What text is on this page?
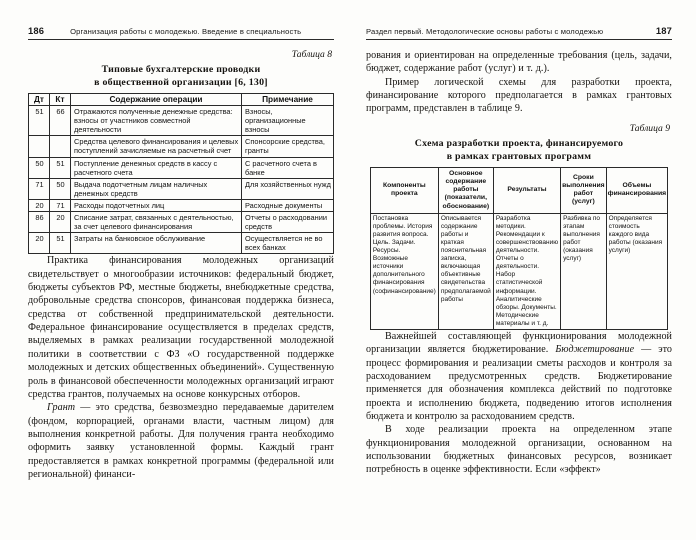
186	Организация работы с молодежью. Введение в специальность
Таблица 8
Типовые бухгалтерские проводки
в общественной организации [6, 130]
Дт	Кт	Содержание операции	Примечание
51	66	Отражаются полученные денежные средства: взносы от участников совместной деятельности	Взносы, организационные взносы
		Средства целевого финансирования и целевых поступлений зачисляемые на расчетный счет	Спонсорские средства, гранты
50	51	Поступление денежных средств в кассу с расчетного счета	С расчетного счета в банке
71	50	Выдача подотчетным лицам наличных денежных средств	Для хозяйственных нужд
20	71	Расходы подотчетных лиц	Расходные документы
86	20	Списание затрат, связанных с деятельностью, за счет целевого финансирования	Отчеты о расходовании средств
20	51	Затраты на банковское обслуживание	Осуществляется не во всех банках

Практика финансирования молодежных организаций свидетельствует о многообразии источников: федеральный бюджет, бюджеты субъектов РФ, местные бюджеты, внебюджетные средства, добровольные средства спонсоров, финансовая поддержка бизнеса, средства от собственной предпринимательской деятельности. Федеральное финансирование осуществляется в пределах средств, выделяемых в рамках реализации государственной молодежной политики в соответствии с ФЗ «О государственной поддержке молодежных и детских общественных объединений». Существенную роль в финансовой обеспеченности молодежных организаций играют средства грантов, получаемых на основе конкурсных отборов.

Грант — это средства, безвозмездно передаваемые дарителем (фондом, корпорацией, органами власти, частным лицом) для выполнения конкретной работы. Для получения гранта необходимо оформить заявку установленной формы. Каждый грант предоставляется в рамках конкретной программы (федеральной или региональной) финанси-

Раздел первый. Методологические основы работы с молодежью	187

рования и ориентирован на определенные требования (цель, задачи, бюджет, содержание работ (услуг) и т. д.).

Пример логической схемы для разработки проекта, финансирование которого предполагается в рамках грантовых программ, представлен в таблице 9.

Таблица 9
Схема разработки проекта, финансируемого
в рамках грантовых программ
Компоненты проекта	Основное содержание работы (показатели, обоснование)	Результаты	Сроки выполнения работ (услуг)	Объемы финансирования
Постановка проблемы. История развития вопроса. Цель. Задачи. Ресурсы. Возможные источники дополнительного финансирования (софинансирование)	Описывается содержание работы и краткая пояснительная записка, включающая объективные свидетельства предполагаемой работы	Разработка методики. Рекомендации к совершенствованию деятельности. Отчеты о деятельности. Набор статистической информации. Аналитические обзоры. Документы. Методические материалы и т. д.	Разбивка по этапам выполнения работ (оказания услуг)	Определяется стоимость каждого вида работы (оказания услуги)

Важнейшей составляющей функционирования молодежной организации является бюджетирование. Бюджетирование — это процесс формирования и реализации сметы расходов и контроля за расходованием предусмотренных средств. Бюджетирование применяется для обозначения комплекса действий по подготовке проекта и исполнению бюджета, подведению итогов исполнения бюджета и контролю за расходованием средств.

В ходе реализации проекта на определенном этапе функционирования молодежной организации, основанном на использовании бюджетных финансовых ресурсов, возникает потребность в оценке эффективности. Если «эффект»
